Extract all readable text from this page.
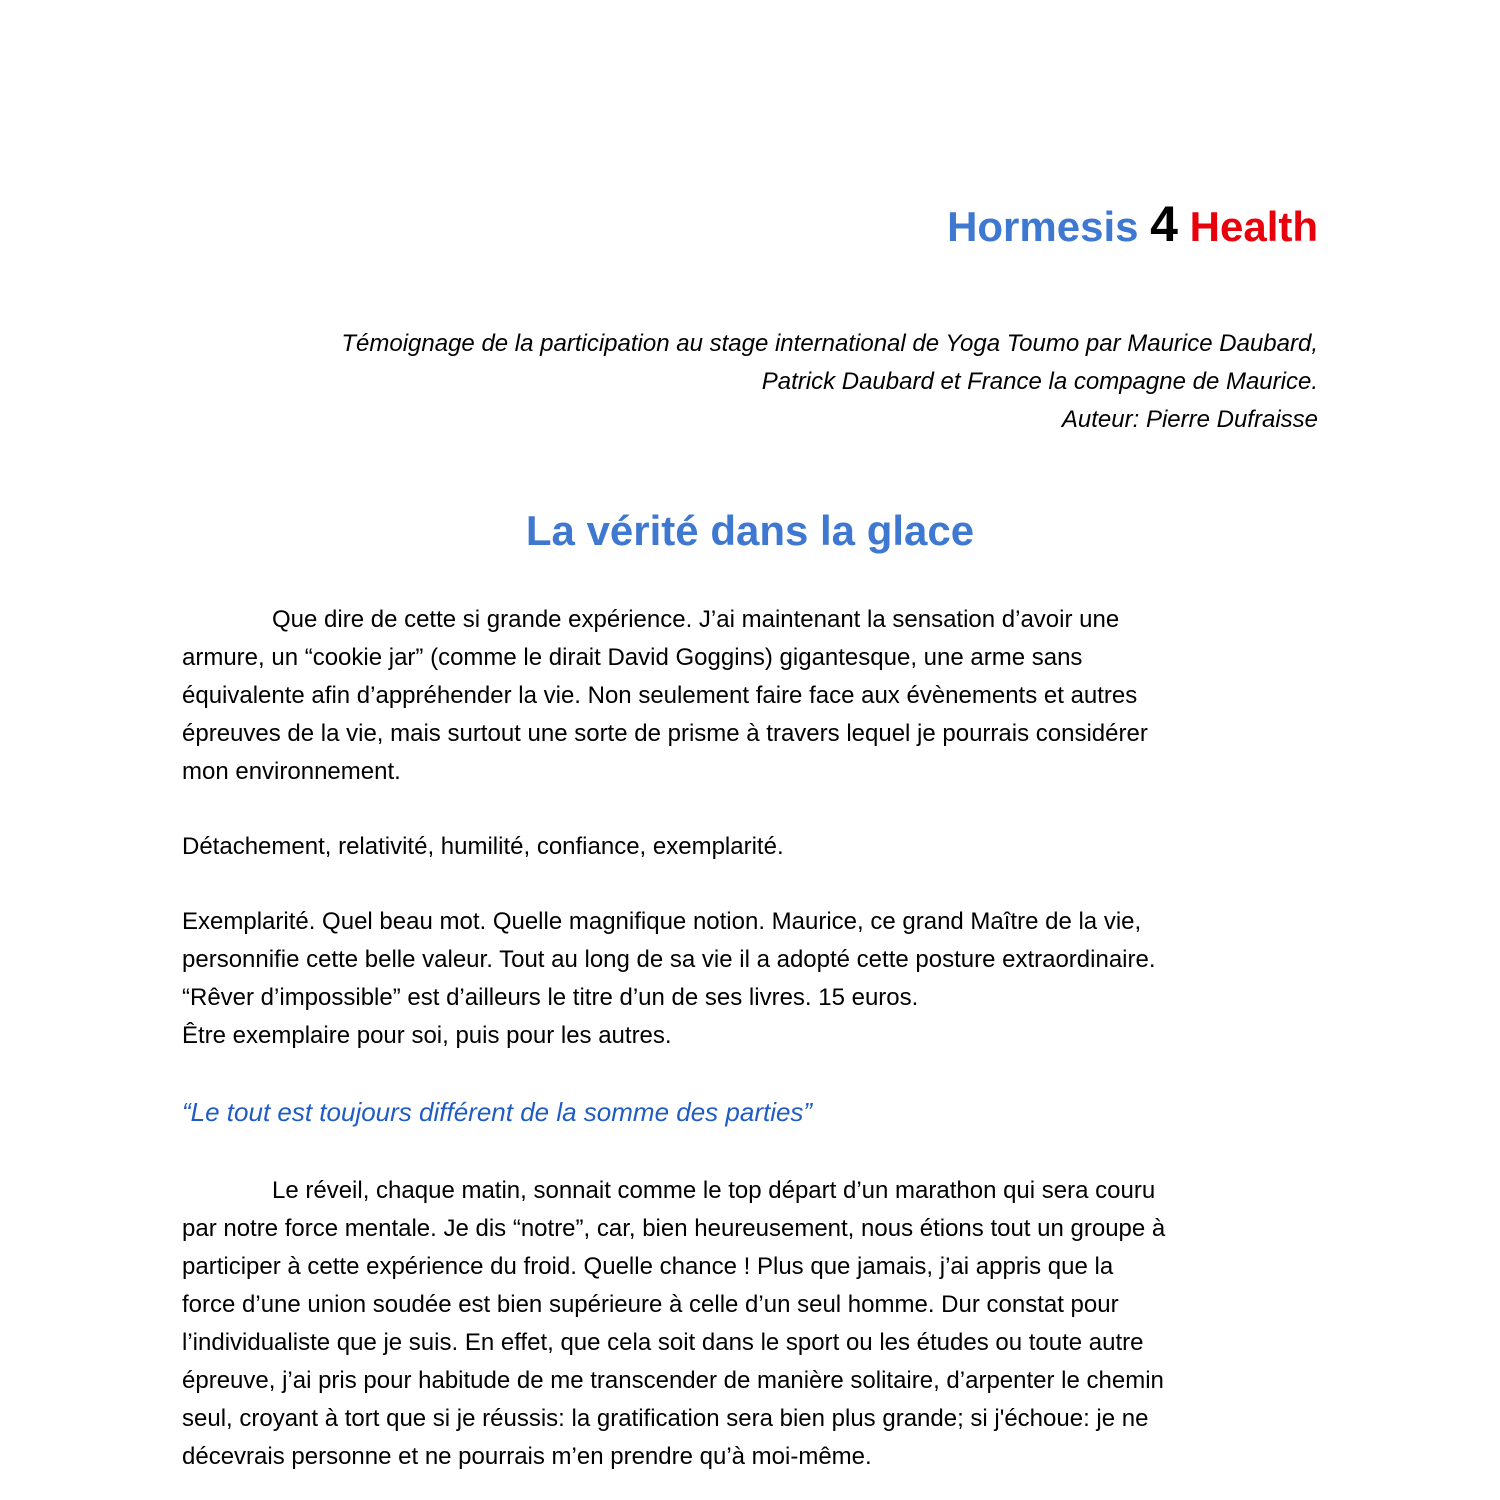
Hormesis 4 Health
Témoignage de la participation au stage international de Yoga Toumo par Maurice Daubard,
Patrick Daubard et France la compagne de Maurice.
Auteur: Pierre Dufraisse
La vérité dans la glace
Que dire de cette si grande expérience. J’ai maintenant la sensation d’avoir une
armure, un “cookie jar” (comme le dirait David Goggins) gigantesque, une arme sans
équivalente afin d’appréhender la vie. Non seulement faire face aux évènements et autres
épreuves de la vie, mais surtout une sorte de prisme à travers lequel je pourrais considérer
mon environnement.
Détachement, relativité, humilité, confiance, exemplarité.
Exemplarité. Quel beau mot. Quelle magnifique notion. Maurice, ce grand Maître de la vie,
personnifie cette belle valeur. Tout au long de sa vie il a adopté cette posture extraordinaire.
“Rêver d’impossible” est d’ailleurs le titre d’un de ses livres. 15 euros.
Être exemplaire pour soi, puis pour les autres.
“Le tout est toujours différent de la somme des parties”
Le réveil, chaque matin, sonnait comme le top départ d’un marathon qui sera couru
par notre force mentale. Je dis “notre”, car, bien heureusement, nous étions tout un groupe à
participer à cette expérience du froid. Quelle chance ! Plus que jamais, j’ai appris que la
force d’une union soudée est bien supérieure à celle d’un seul homme. Dur constat pour
l’individualiste que je suis. En effet, que cela soit dans le sport ou les études ou toute autre
épreuve, j’ai pris pour habitude de me transcender de manière solitaire, d’arpenter le chemin
seul, croyant à tort que si je réussis: la gratification sera bien plus grande; si j'échoue: je ne
décevrais personne et ne pourrais m’en prendre qu’à moi-même.
